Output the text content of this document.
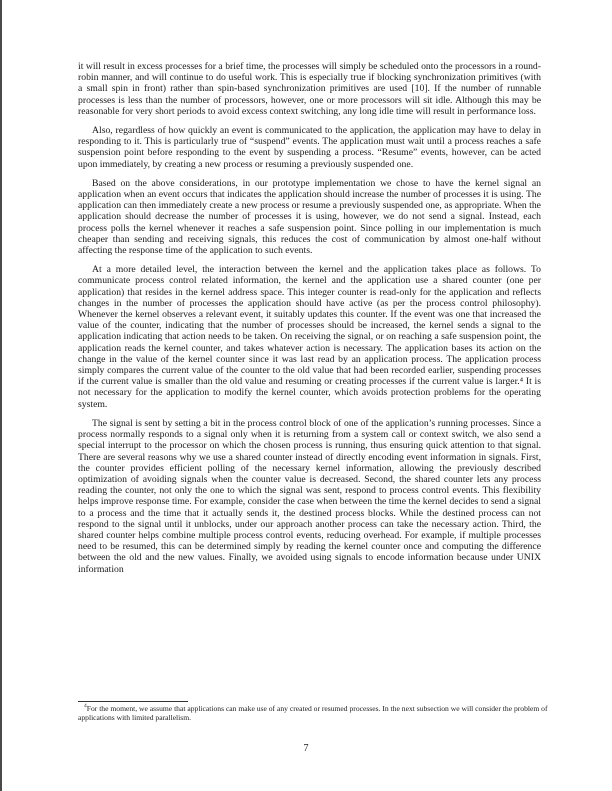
it will result in excess processes for a brief time, the processes will simply be scheduled onto the processors in a round-robin manner, and will continue to do useful work. This is especially true if blocking synchronization primitives (with a small spin in front) rather than spin-based synchronization primitives are used [10]. If the number of runnable processes is less than the number of processors, however, one or more processors will sit idle. Although this may be reasonable for very short periods to avoid excess context switching, any long idle time will result in performance loss.

Also, regardless of how quickly an event is communicated to the application, the application may have to delay in responding to it. This is particularly true of “suspend” events. The application must wait until a process reaches a safe suspension point before responding to the event by suspending a process. “Resume” events, however, can be acted upon immediately, by creating a new process or resuming a previously suspended one.

Based on the above considerations, in our prototype implementation we chose to have the kernel signal an application when an event occurs that indicates the application should increase the number of processes it is using. The application can then immediately create a new process or resume a previously suspended one, as appropriate. When the application should decrease the number of processes it is using, however, we do not send a signal. Instead, each process polls the kernel whenever it reaches a safe suspension point. Since polling in our implementation is much cheaper than sending and receiving signals, this reduces the cost of communication by almost one-half without affecting the response time of the application to such events.

At a more detailed level, the interaction between the kernel and the application takes place as follows. To communicate process control related information, the kernel and the application use a shared counter (one per application) that resides in the kernel address space. This integer counter is read-only for the application and reflects changes in the number of processes the application should have active (as per the process control philosophy). Whenever the kernel observes a relevant event, it suitably updates this counter. If the event was one that increased the value of the counter, indicating that the number of processes should be increased, the kernel sends a signal to the application indicating that action needs to be taken. On receiving the signal, or on reaching a safe suspension point, the application reads the kernel counter, and takes whatever action is necessary. The application bases its action on the change in the value of the kernel counter since it was last read by an application process. The application process simply compares the current value of the counter to the old value that had been recorded earlier, suspending processes if the current value is smaller than the old value and resuming or creating processes if the current value is larger.⁴ It is not necessary for the application to modify the kernel counter, which avoids protection problems for the operating system.

The signal is sent by setting a bit in the process control block of one of the application’s running processes. Since a process normally responds to a signal only when it is returning from a system call or context switch, we also send a special interrupt to the processor on which the chosen process is running, thus ensuring quick attention to that signal. There are several reasons why we use a shared counter instead of directly encoding event information in signals. First, the counter provides efficient polling of the necessary kernel information, allowing the previously described optimization of avoiding signals when the counter value is decreased. Second, the shared counter lets any process reading the counter, not only the one to which the signal was sent, respond to process control events. This flexibility helps improve response time. For example, consider the case when between the time the kernel decides to send a signal to a process and the time that it actually sends it, the destined process blocks. While the destined process can not respond to the signal until it unblocks, under our approach another process can take the necessary action. Third, the shared counter helps combine multiple process control events, reducing overhead. For example, if multiple processes need to be resumed, this can be determined simply by reading the kernel counter once and computing the difference between the old and the new values. Finally, we avoided using signals to encode information because under UNIX information

$^4$For the moment, we assume that applications can make use of any created or resumed processes. In the next subsection we will consider the problem of applications with limited parallelism.

7
